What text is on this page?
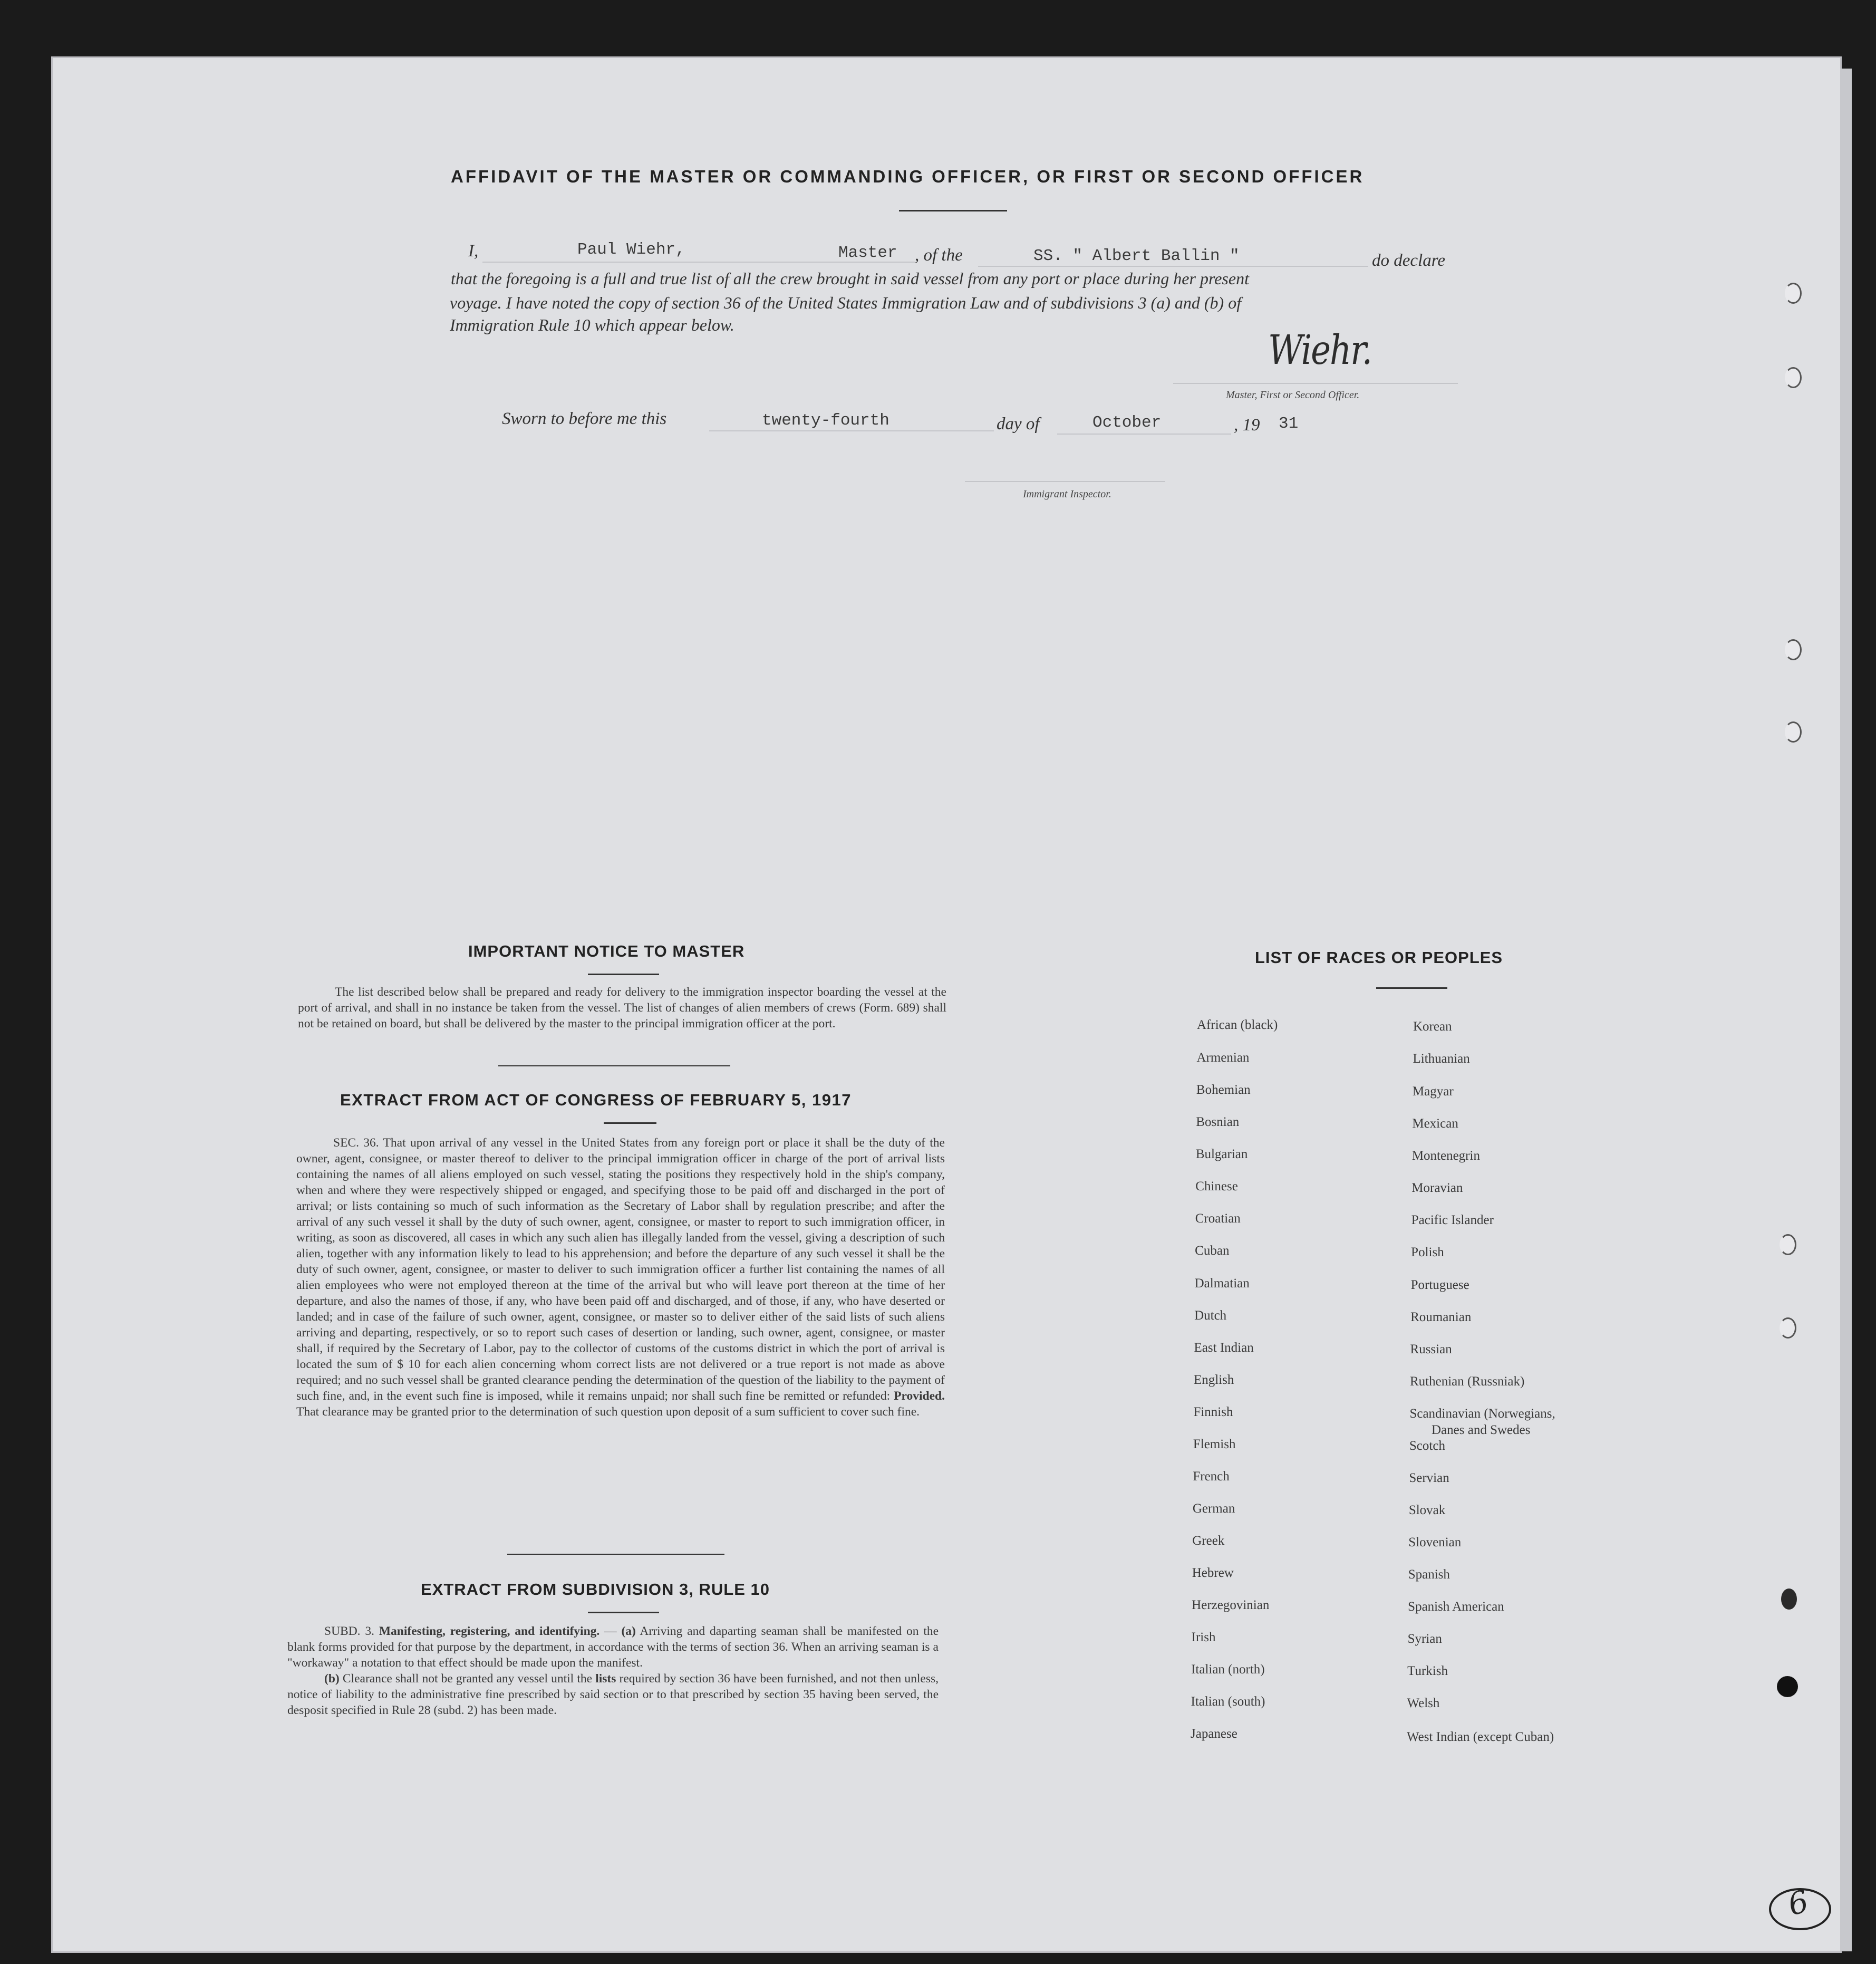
AFFIDAVIT OF THE MASTER OR COMMANDING OFFICER, OR FIRST OR SECOND OFFICER
I,	Paul Wiehr,	Master , of the	SS. " Albert Ballin "	do declare
that the foregoing is a full and true list of all the crew brought in said vessel from any port or place during her present
voyage. I have noted the copy of section 36 of the United States Immigration Law and of subdivisions 3 (a) and (b) of
Immigration Rule 10 which appear below.
Wiehr.
Master, First or Second Officer.
Sworn to before me this	twenty-fourth	day of	October	, 19 31
Immigrant Inspector.
IMPORTANT NOTICE TO MASTER

The list described below shall be prepared and ready for delivery to the immigration inspector boarding the vessel at the port of arrival, and shall in no instance be taken from the vessel. The list of changes of alien members of crews (Form. 689) shall not be retained on board, but shall be delivered by the master to the principal immigration officer at the port.

EXTRACT FROM ACT OF CONGRESS OF FEBRUARY 5, 1917

SEC. 36. That upon arrival of any vessel in the United States from any foreign port or place it shall be the duty of the owner, agent, consignee, or master thereof to deliver to the principal immigration officer in charge of the port of arrival lists containing the names of all aliens employed on such vessel, stating the positions they respectively hold in the ship's company, when and where they were respectively shipped or engaged, and specifying those to be paid off and discharged in the port of arrival; or lists containing so much of such information as the Secretary of Labor shall by regulation prescribe; and after the arrival of any such vessel it shall by the duty of such owner, agent, consignee, or master to report to such immigration officer, in writing, as soon as discovered, all cases in which any such alien has illegally landed from the vessel, giving a description of such alien, together with any information likely to lead to his apprehension; and before the departure of any such vessel it shall be the duty of such owner, agent, consignee, or master to deliver to such immigration officer a further list containing the names of all alien employees who were not employed thereon at the time of the arrival but who will leave port thereon at the time of her departure, and also the names of those, if any, who have been paid off and discharged, and of those, if any, who have deserted or landed; and in case of the failure of such owner, agent, consignee, or master so to deliver either of the said lists of such aliens arriving and departing, respectively, or so to report such cases of desertion or landing, such owner, agent, consignee, or master shall, if required by the Secretary of Labor, pay to the collector of customs of the customs district in which the port of arrival is located the sum of $ 10 for each alien concerning whom correct lists are not delivered or a true report is not made as above required; and no such vessel shall be granted clearance pending the determination of the question of the liability to the payment of such fine, and, in the event such fine is imposed, while it remains unpaid; nor shall such fine be remitted or refunded: Provided. That clearance may be granted prior to the determination of such question upon deposit of a sum sufficient to cover such fine.

EXTRACT FROM SUBDIVISION 3, RULE 10

SUBD. 3. Manifesting, registering, and identifying. — (a) Arriving and daparting seaman shall be manifested on the blank forms provided for that purpose by the department, in accordance with the terms of section 36. When an arriving seaman is a "workaway" a notation to that effect should be made upon the manifest.

(b) Clearance shall not be granted any vessel until the lists required by section 36 have been furnished, and not then unless, notice of liability to the administrative fine prescribed by said section or to that prescribed by section 35 having been served, the desposit specified in Rule 28 (subd. 2) has been made.

LIST OF RACES OR PEOPLES
African (black)
Armenian
Bohemian
Bosnian
Bulgarian
Chinese
Croatian
Cuban
Dalmatian
Dutch
East Indian
English
Finnish
Flemish
French
German
Greek
Hebrew
Herzegovinian
Irish
Italian (north)
Italian (south)
Japanese
Korean
Lithuanian
Magyar
Mexican
Montenegrin
Moravian
Pacific Islander
Polish
Portuguese
Roumanian
Russian
Ruthenian (Russniak)
Scandinavian (Norwegians,
Scotch
Servian
Slovak
Slovenian
Spanish
Spanish American
Syrian
Turkish
Welsh
West Indian (except Cuban)
Danes and Swedes
6
